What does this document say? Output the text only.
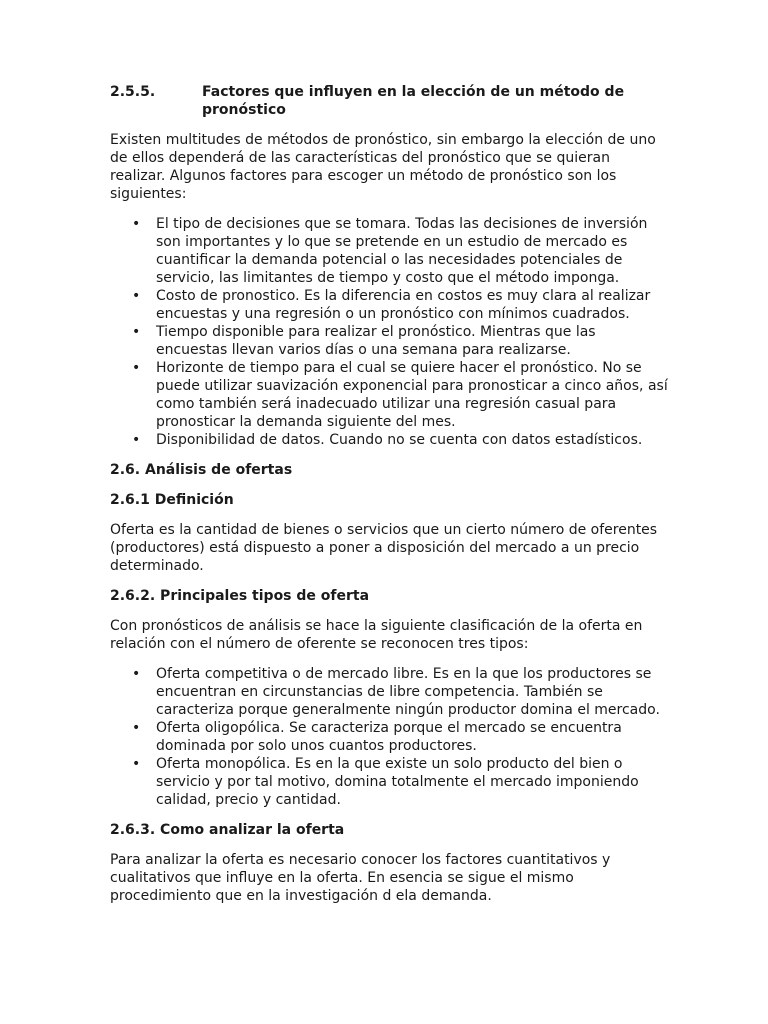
2.5.5.	Factores que influyen en la elección de un método de pronóstico

Existen multitudes de métodos de pronóstico, sin embargo la elección de uno de ellos dependerá de las características del pronóstico que se quieran realizar. Algunos factores para escoger un método de pronóstico son los siguientes:

• El tipo de decisiones que se tomara. Todas las decisiones de inversión son importantes y lo que se pretende en un estudio de mercado es cuantificar la demanda potencial o las necesidades potenciales de servicio, las limitantes de tiempo y costo que el método imponga.
• Costo de pronostico. Es la diferencia en costos es muy clara al realizar encuestas y una regresión o un pronóstico con mínimos cuadrados.
• Tiempo disponible para realizar el pronóstico. Mientras que las encuestas llevan varios días o una semana para realizarse.
• Horizonte de tiempo para el cual se quiere hacer el pronóstico. No se puede utilizar suavización exponencial para pronosticar a cinco años, así como también será inadecuado utilizar una regresión casual para pronosticar la demanda siguiente del mes.
• Disponibilidad de datos. Cuando no se cuenta con datos estadísticos.
2.6. Análisis de ofertas
2.6.1 Definición

Oferta es la cantidad de bienes o servicios que un cierto número de oferentes (productores) está dispuesto a poner a disposición del mercado a un precio determinado.

2.6.2. Principales tipos de oferta

Con pronósticos de análisis se hace la siguiente clasificación de la oferta en relación con el número de oferente se reconocen tres tipos:

• Oferta competitiva o de mercado libre. Es en la que los productores se encuentran en circunstancias de libre competencia. También se caracteriza porque generalmente ningún productor domina el mercado.
• Oferta oligopólica. Se caracteriza porque el mercado se encuentra dominada por solo unos cuantos productores.
• Oferta monopólica. Es en la que existe un solo producto del bien o servicio y por tal motivo, domina totalmente el mercado imponiendo calidad, precio y cantidad.
2.6.3. Como analizar la oferta

Para analizar la oferta es necesario conocer los factores cuantitativos y cualitativos que influye en la oferta. En esencia se sigue el mismo procedimiento que en la investigación d ela demanda.
